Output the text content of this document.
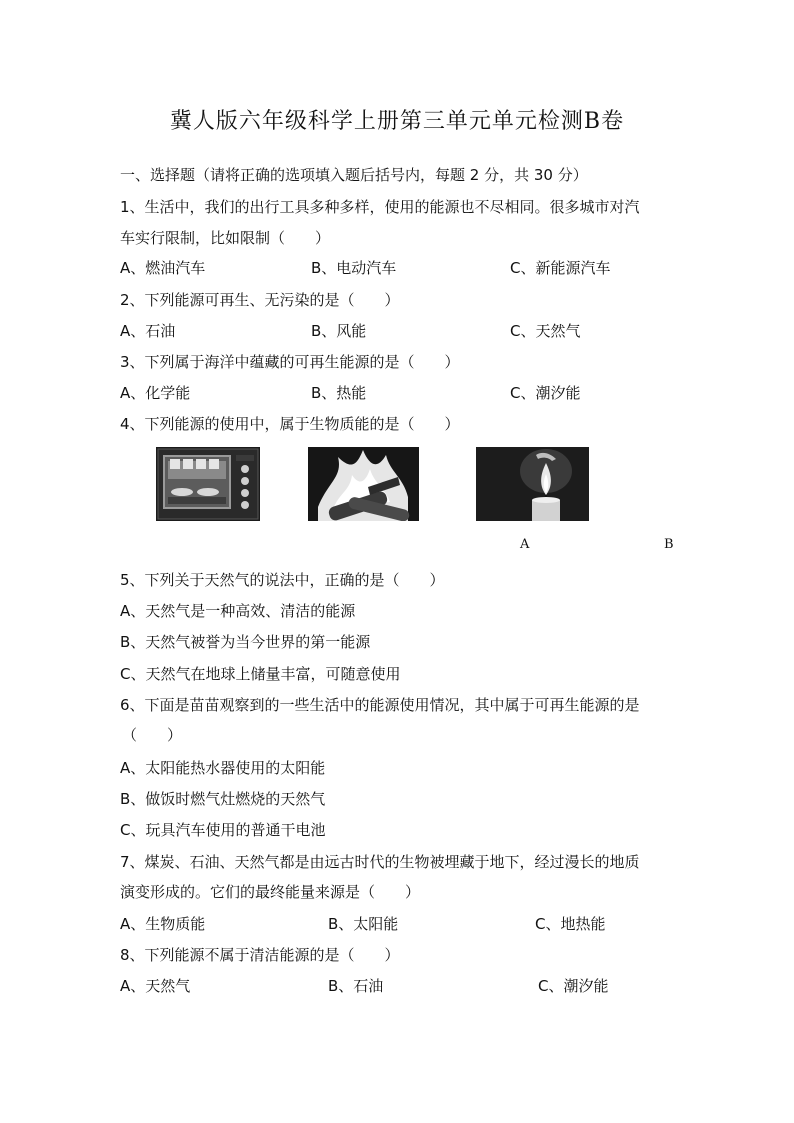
冀人版六年级科学上册第三单元单元检测B卷
一、选择题（请将正确的选项填入题后括号内，每题 2 分，共 30 分）
1、生活中，我们的出行工具多种多样，使用的能源也不尽相同。很多城市对汽
车实行限制，比如限制（　　）
A、燃油汽车	B、电动汽车	C、新能源汽车
2、下列能源可再生、无污染的是（　　）
A、石油	B、风能	C、天然气
3、下列属于海洋中蕴藏的可再生能源的是（　　）
A、化学能	B、热能	C、潮汐能
4、下列能源的使用中，属于生物质能的是（　　）
A	B
5、下列关于天然气的说法中，正确的是（　　）
A、天然气是一种高效、清洁的能源
B、天然气被誉为当今世界的第一能源
C、天然气在地球上储量丰富，可随意使用
6、下面是苗苗观察到的一些生活中的能源使用情况，其中属于可再生能源的是
（　　）
A、太阳能热水器使用的太阳能
B、做饭时燃气灶燃烧的天然气
C、玩具汽车使用的普通干电池
7、煤炭、石油、天然气都是由远古时代的生物被埋藏于地下，经过漫长的地质
演变形成的。它们的最终能量来源是（　　）
A、生物质能	B、太阳能	C、地热能
8、下列能源不属于清洁能源的是（　　）
A、天然气	B、石油	C、潮汐能
